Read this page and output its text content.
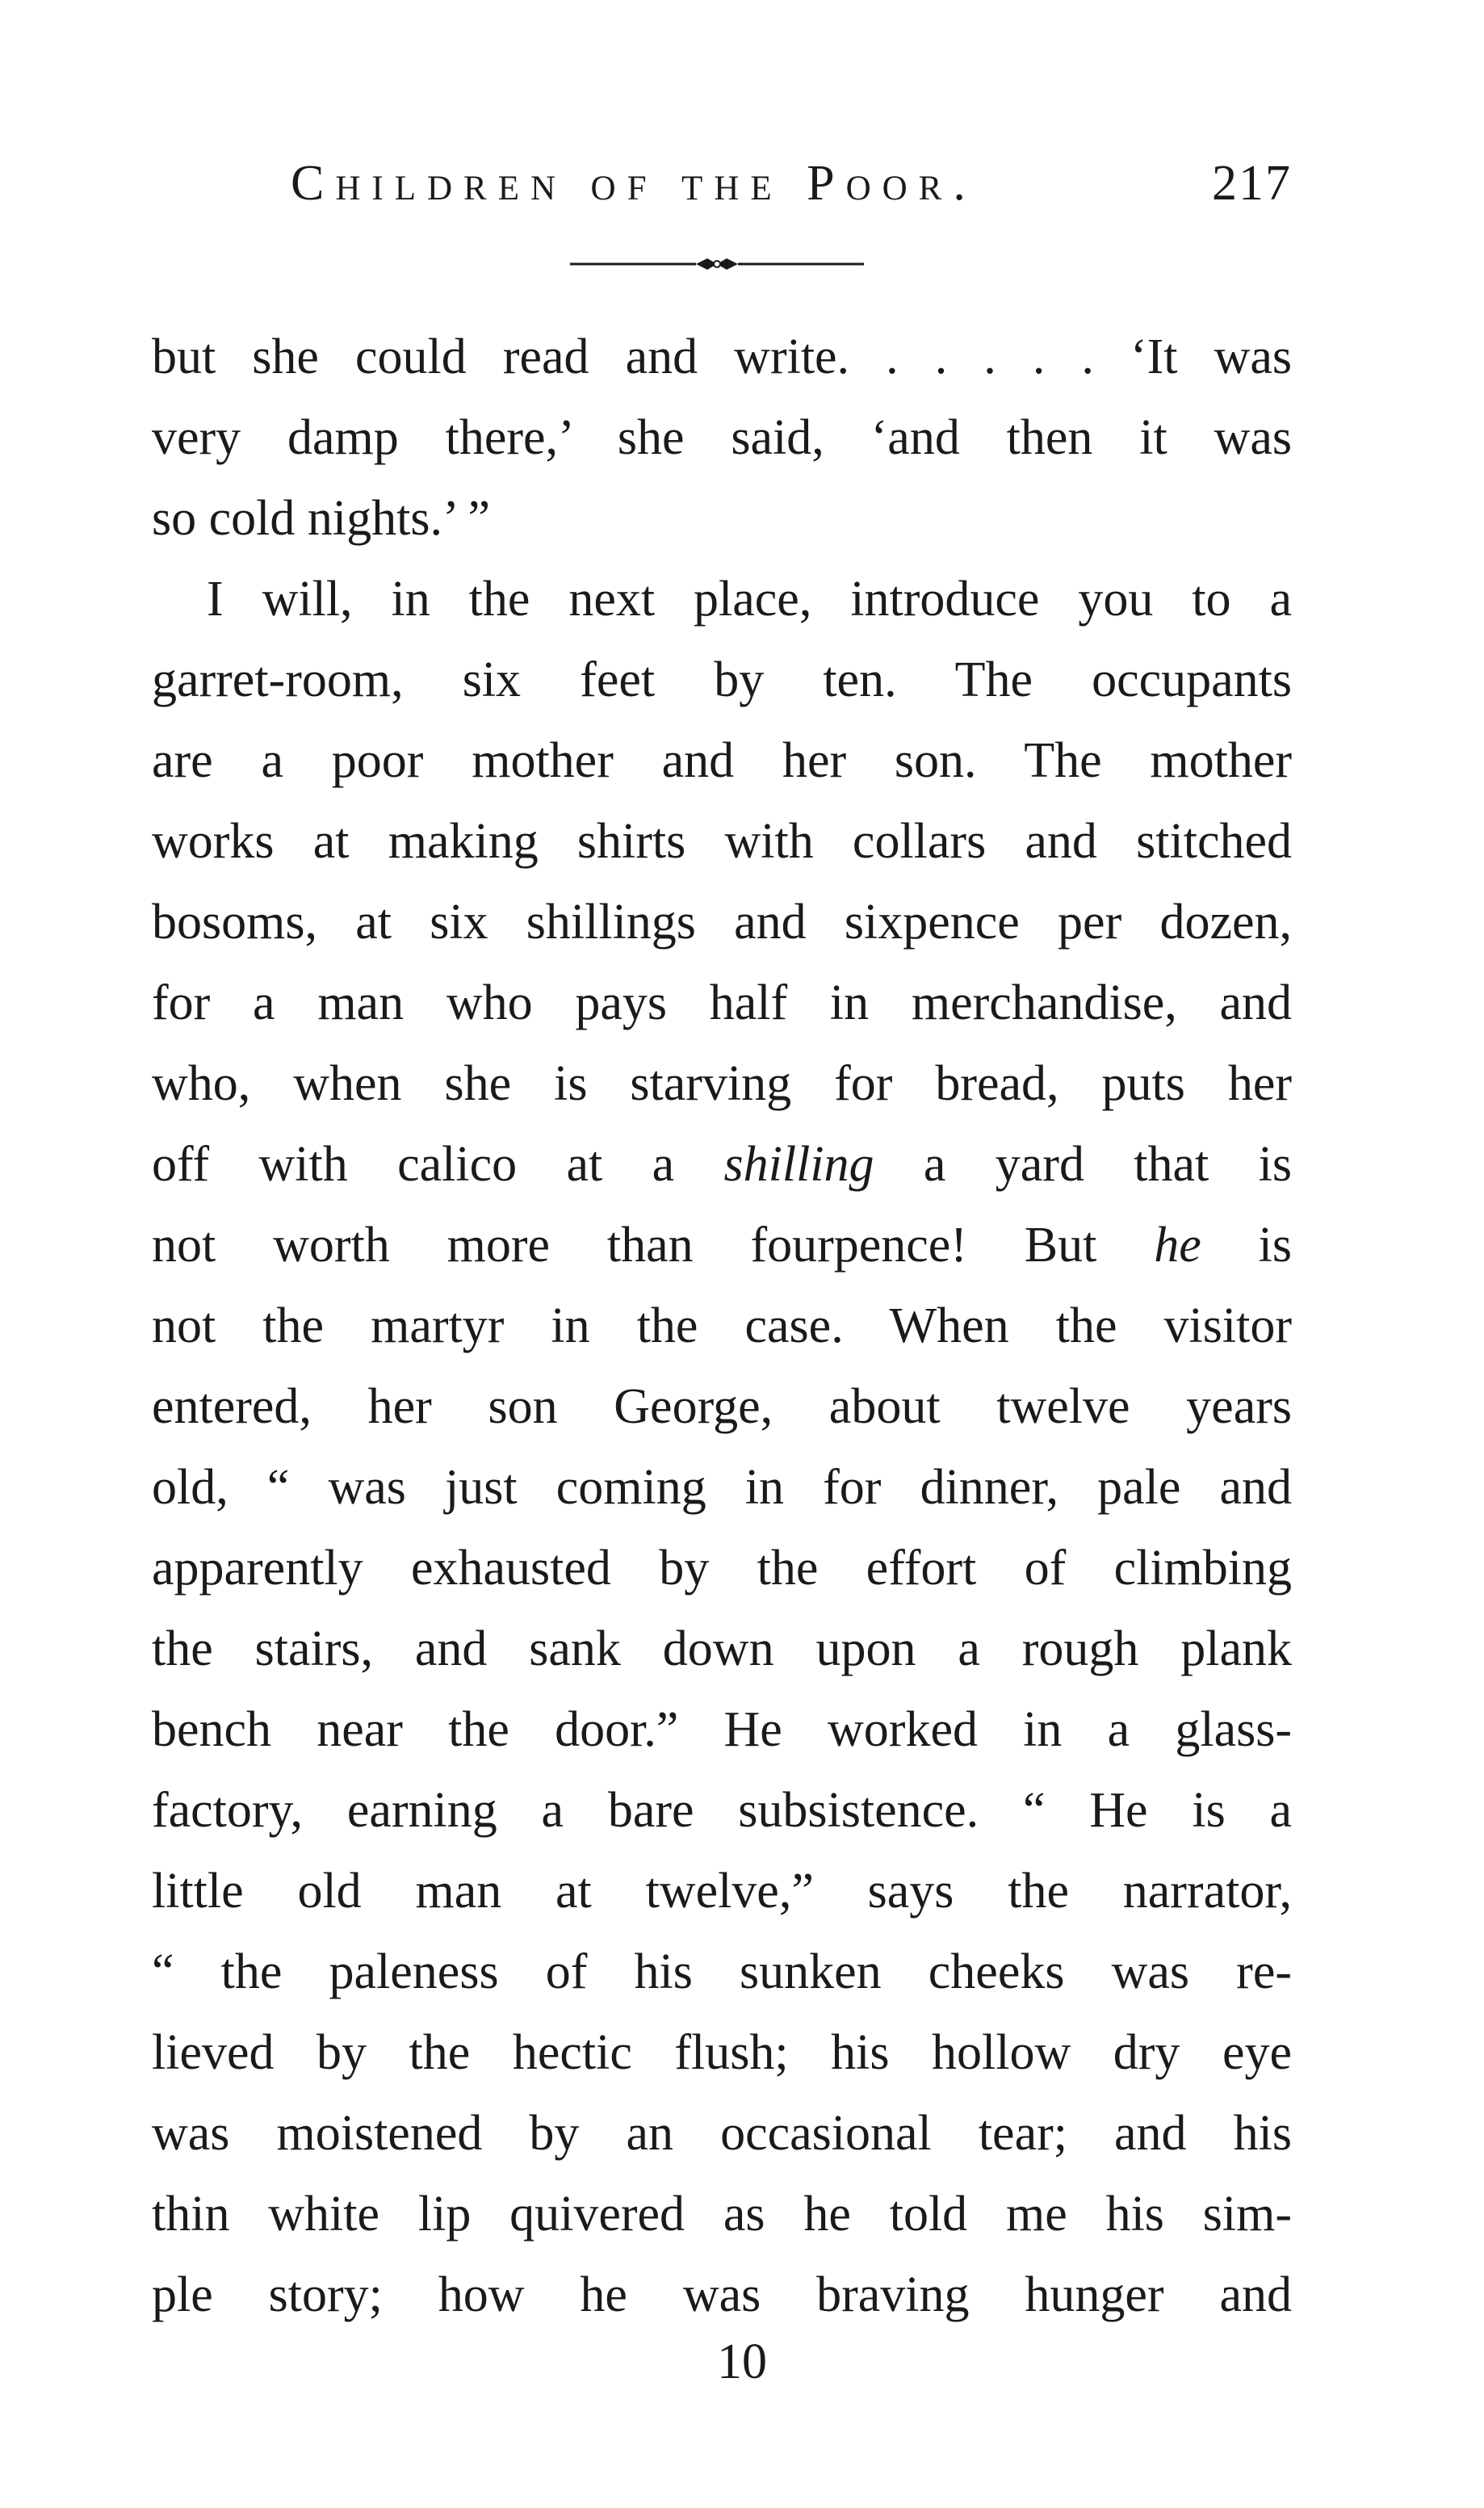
Children of the Poor.	217
but she could read and write. . . . . . ‘It was
very damp there,’ she said, ‘and then it was
so cold nights.’ ”
I will, in the next place, introduce you to a
garret-room, six feet by ten. The occupants
are a poor mother and her son. The mother
works at making shirts with collars and stitched
bosoms, at six shillings and sixpence per dozen,
for a man who pays half in merchandise, and
who, when she is starving for bread, puts her
off with calico at a shilling a yard that is
not worth more than fourpence! But he is
not the martyr in the case. When the visitor
entered, her son George, about twelve years
old, “ was just coming in for dinner, pale and
apparently exhausted by the effort of climbing
the stairs, and sank down upon a rough plank
bench near the door.” He worked in a glass-
factory, earning a bare subsistence. “ He is a
little old man at twelve,” says the narrator,
“ the paleness of his sunken cheeks was re-
lieved by the hectic flush; his hollow dry eye
was moistened by an occasional tear; and his
thin white lip quivered as he told me his sim-
ple story; how he was braving hunger and
10
